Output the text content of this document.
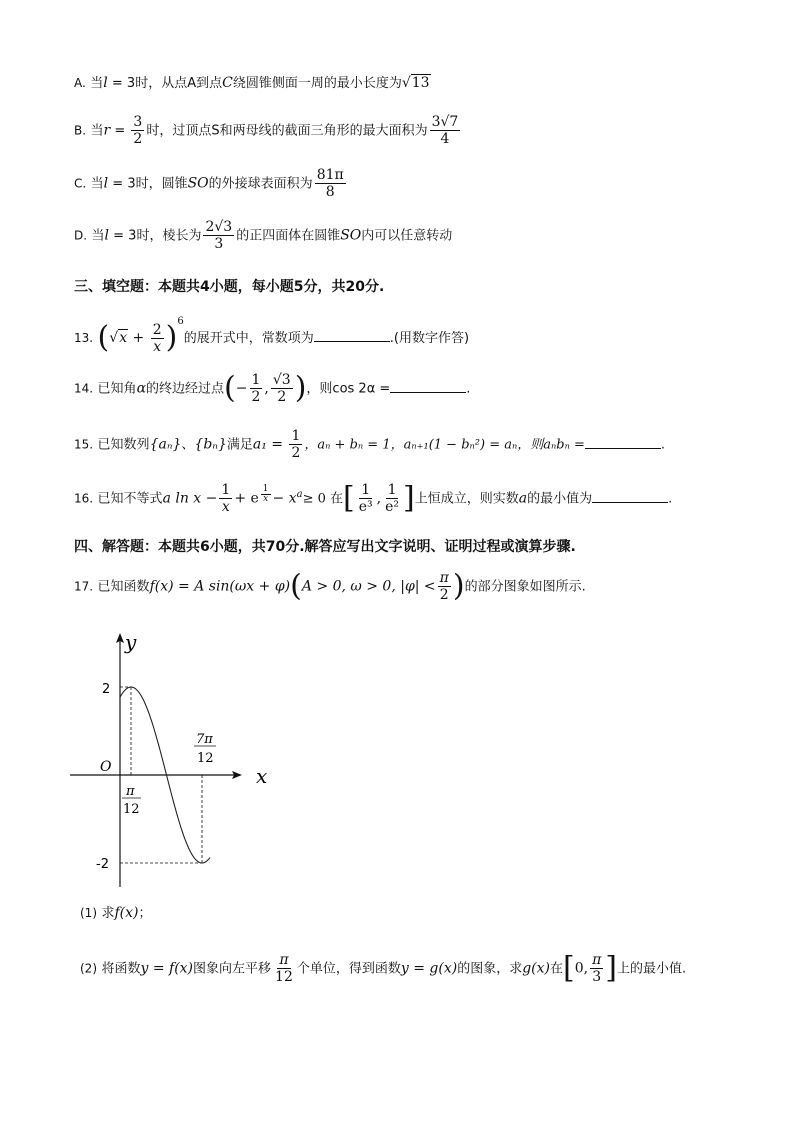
A. 当l = 3时，从点A到点C绕圆锥侧面一周的最小长度为√13
B. 当$r = \frac{3}{2}$ 时，过顶点S和两母线的截面三角形的最大面积为 $\frac{3√7}{4}$
C. 当l = 3时，圆锥SO的外接球表面积为 $\frac{81\pi}{8}$
D. 当l = 3时，棱长为 $\frac{2√3}{3}$ 的正四面体在圆锥SO内可以任意转动
三、填空题：本题共4小题，每小题5分，共20分.
13. $(√x + \frac{2}{x} )^6$的展开式中，常数项为	.(用数字作答)
14. 已知角α的终边经过点(− $\frac{1}{2}$ , $\frac{√3}{2}$ )，则cos 2α =	.
15. 已知数列{aₙ}、{bₙ}满足$a_1 = \frac{1}{2}$ ，aₙ + bₙ = 1，aₙ₊₁(1 − bₙ²) = aₙ，则aₙbₙ =	.
16. 已知不等式a $\ln x - \frac{1}{x} + e$ $^{\frac{1}{x}} - x^a\ge 0$ 在[ $\frac{1}{\text{e³}}$ , $\frac{1}{\text{e²}}$ ]上恒成立，则实数a的最小值为	.
四、解答题：本题共6小题，共70分.解答应写出文字说明、证明过程或演算步骤.
17. 已知函数f(x) = A sin(ωx + φ)(A > 0, ω > 0, $|\varphi| < \frac{\pi}{2}$ )的部分图象如图所示.
y
x
O
2
-2
π
12
7π
12
(1) 求f(x)；
(2) 将函数y = f(x)图象向左平移 $\frac{\pi}{12}$ 个单位，得到函数y = g(x)的图象，求g(x)在[0, $\frac{\pi}{3}$ ]上的最小值.
